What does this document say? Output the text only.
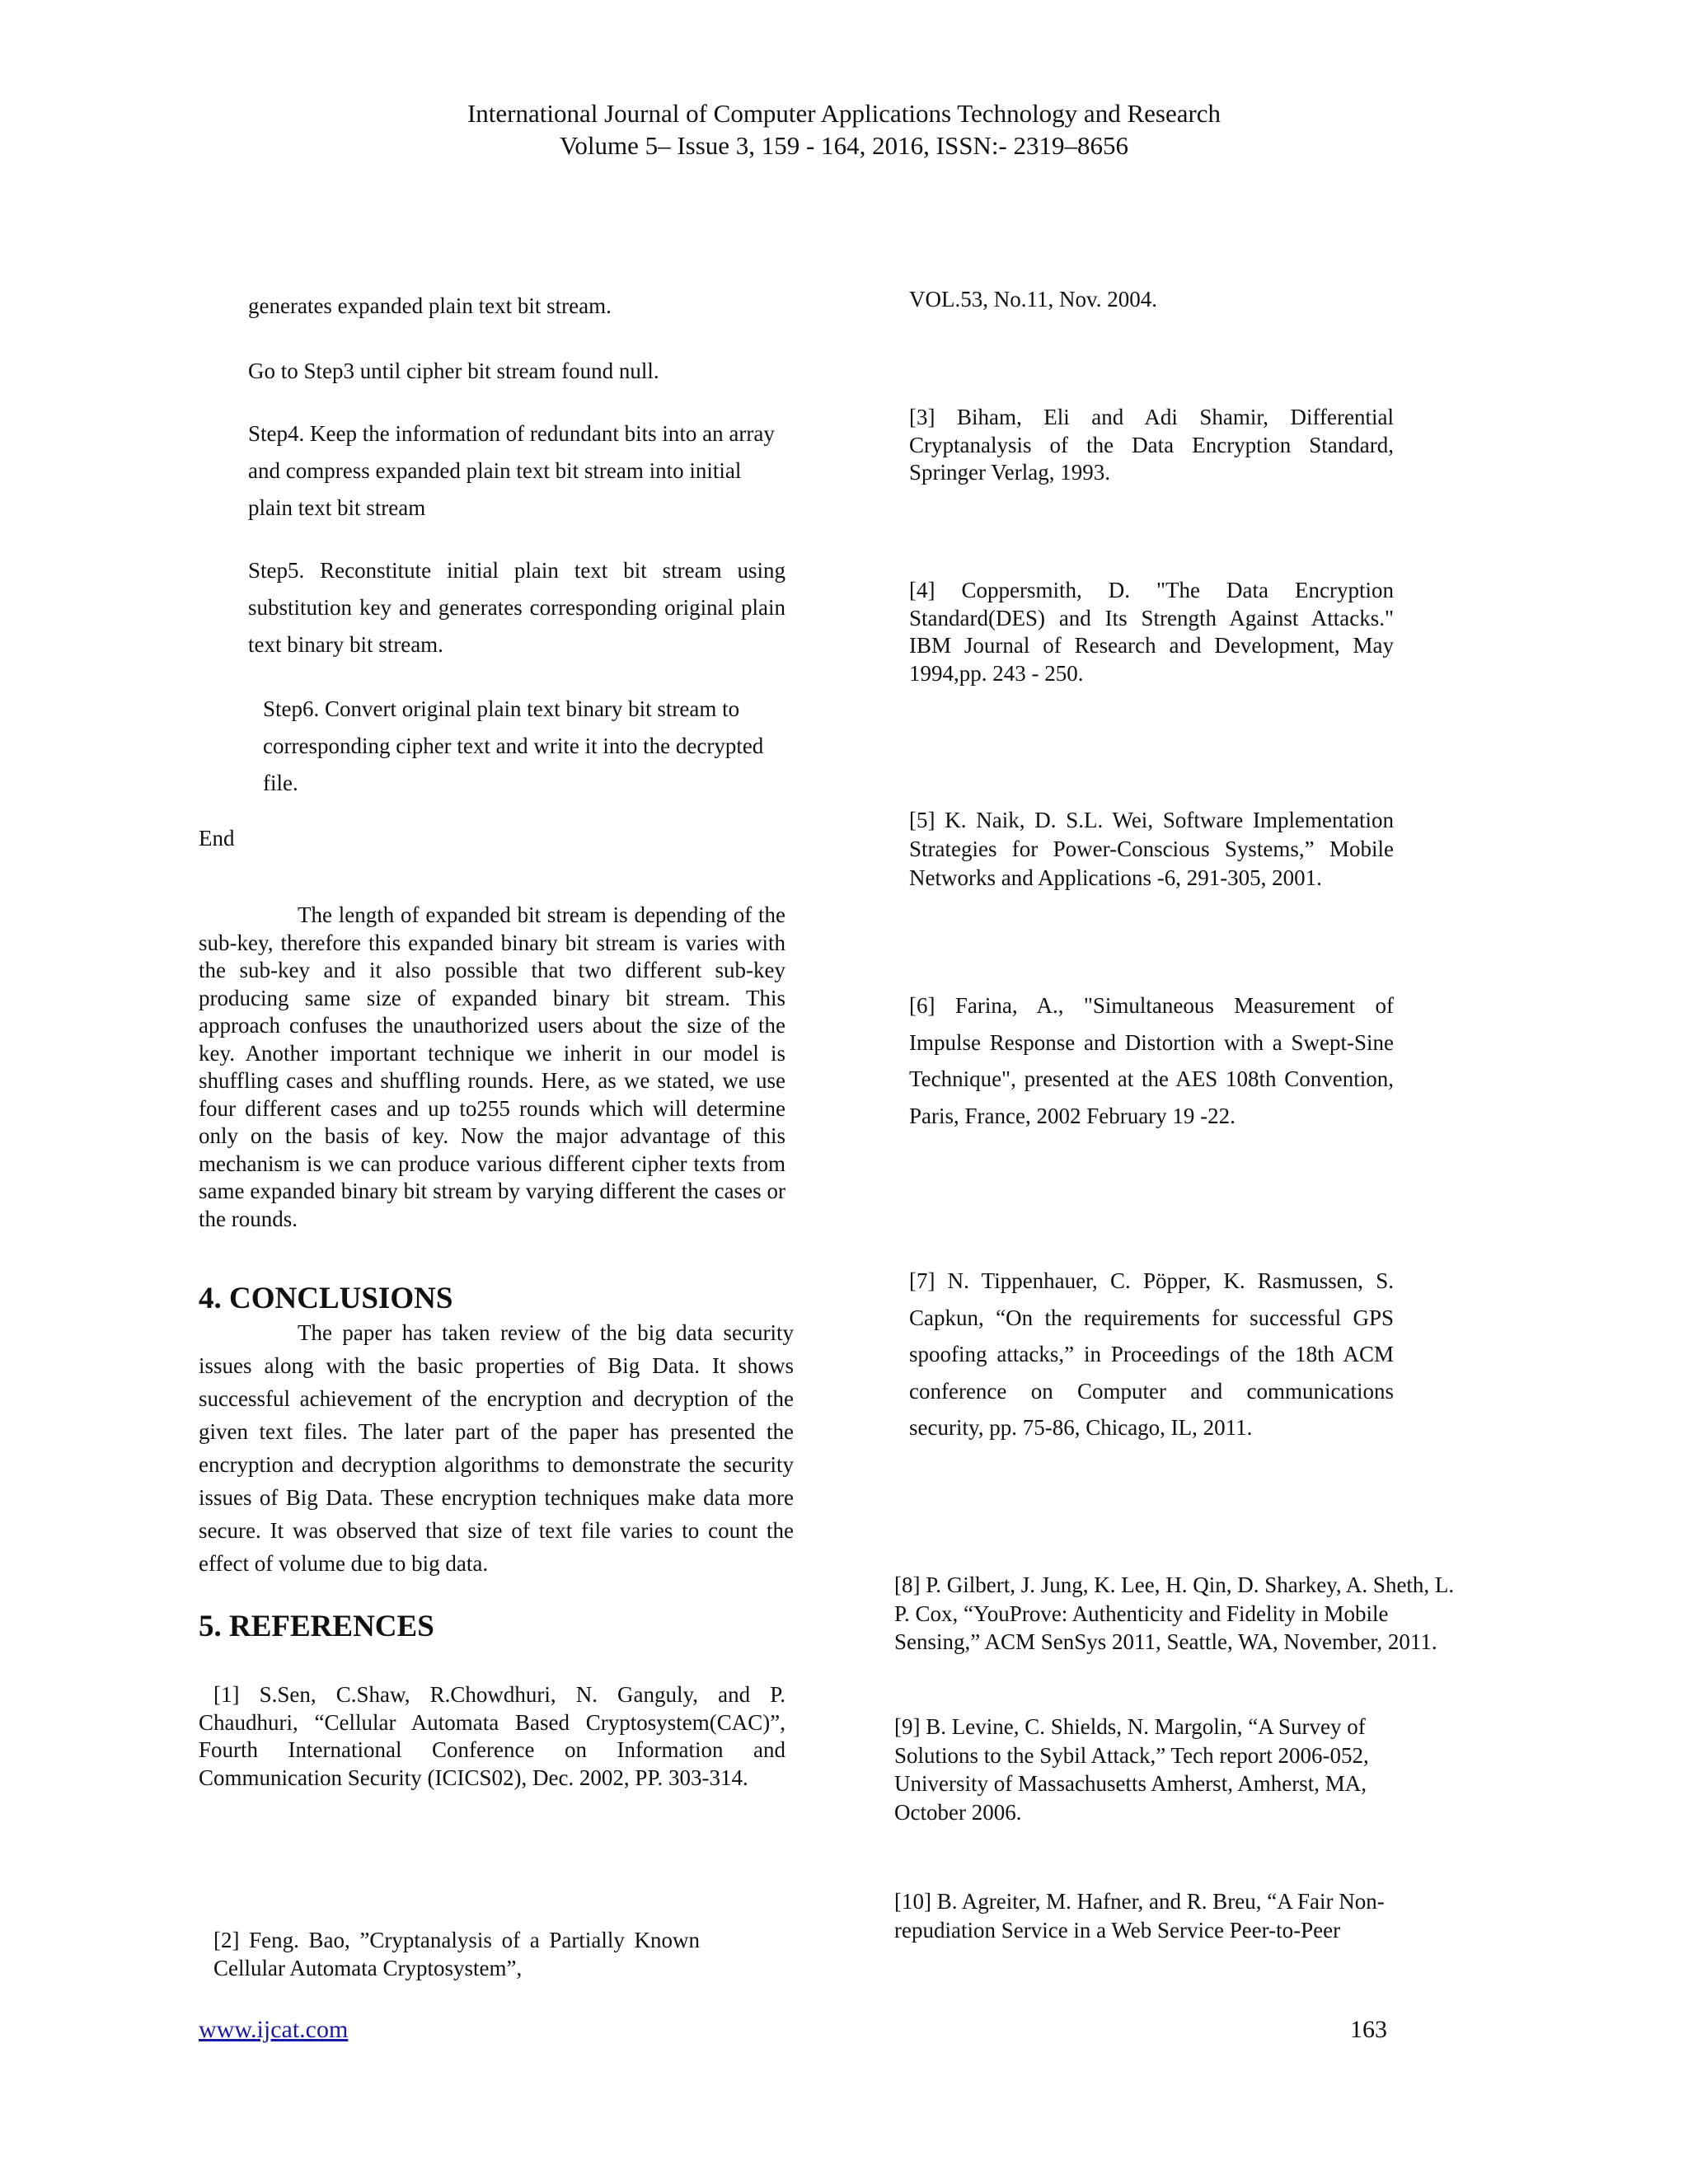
International Journal of Computer Applications Technology and Research
Volume 5– Issue 3, 159 - 164, 2016, ISSN:- 2319–8656
generates expanded plain text bit stream.
Go to Step3 until cipher bit stream found null.
Step4. Keep the information of redundant bits into an array and compress expanded plain text bit stream into initial plain text bit stream
Step5. Reconstitute initial plain text bit stream using substitution key and generates corresponding original plain text binary bit stream.
Step6. Convert original plain text binary bit stream to corresponding cipher text and write it into the decrypted file.
End
The length of expanded bit stream is depending of the sub-key, therefore this expanded binary bit stream is varies with the sub-key and it also possible that two different sub-key producing same size of expanded binary bit stream. This approach confuses the unauthorized users about the size of the key. Another important technique we inherit in our model is shuffling cases and shuffling rounds. Here, as we stated, we use four different cases and up to255 rounds which will determine only on the basis of key. Now the major advantage of this mechanism is we can produce various different cipher texts from same expanded binary bit stream by varying different the cases or the rounds.
4. CONCLUSIONS
The paper has taken review of the big data security issues along with the basic properties of Big Data. It shows successful achievement of the encryption and decryption of the given text files. The later part of the paper has presented the encryption and decryption algorithms to demonstrate the security issues of Big Data. These encryption techniques make data more secure. It was observed that size of text file varies to count the effect of volume due to big data.
5. REFERENCES
[1] S.Sen, C.Shaw, R.Chowdhuri, N. Ganguly, and P. Chaudhuri, “Cellular Automata Based Cryptosystem(CAC)”, Fourth International Conference on Information and Communication Security (ICICS02), Dec. 2002, PP. 303-314.
[2] Feng. Bao, ”Cryptanalysis of a Partially Known Cellular Automata Cryptosystem”,
VOL.53, No.11, Nov. 2004.
[3] Biham, Eli and Adi Shamir, Differential Cryptanalysis of the Data Encryption Standard, Springer Verlag, 1993.
[4] Coppersmith, D. "The Data Encryption Standard(DES) and Its Strength Against Attacks." IBM Journal of Research and Development, May 1994,pp. 243 - 250.
[5] K. Naik, D. S.L. Wei, Software Implementation Strategies for Power-Conscious Systems,” Mobile Networks and Applications -6, 291-305, 2001.
[6] Farina, A., "Simultaneous Measurement of Impulse Response and Distortion with a Swept-Sine Technique", presented at the AES 108th Convention, Paris, France, 2002 February 19 -22.
[7] N. Tippenhauer, C. Pöpper, K. Rasmussen, S. Capkun, “On the requirements for successful GPS spoofing attacks,” in Proceedings of the 18th ACM conference on Computer and communications security, pp. 75-86, Chicago, IL, 2011.
[8] P. Gilbert, J. Jung, K. Lee, H. Qin, D. Sharkey, A. Sheth, L. P. Cox, “YouProve: Authenticity and Fidelity in Mobile Sensing,” ACM SenSys 2011, Seattle, WA, November, 2011.
[9] B. Levine, C. Shields, N. Margolin, “A Survey of Solutions to the Sybil Attack,” Tech report 2006-052, University of Massachusetts Amherst, Amherst, MA, October 2006.
[10] B. Agreiter, M. Hafner, and R. Breu, “A Fair Non-repudiation Service in a Web Service Peer-to-Peer
www.ijcat.com	163
